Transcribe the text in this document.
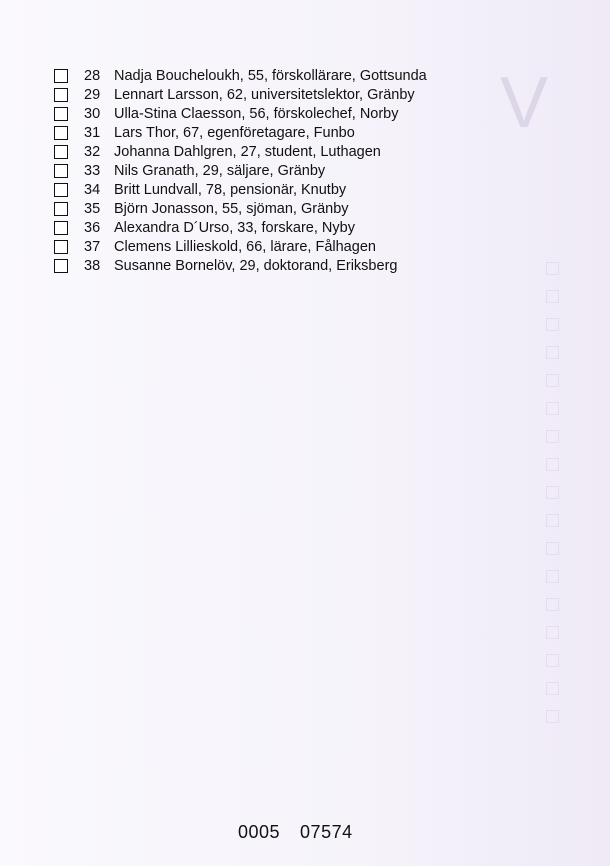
V
28 Nadja Boucheloukh, 55, förskollärare, Gottsunda
29 Lennart Larsson, 62, universitetslektor, Gränby
30 Ulla-Stina Claesson, 56, förskolechef, Norby
31 Lars Thor, 67, egenföretagare, Funbo
32 Johanna Dahlgren, 27, student, Luthagen
33 Nils Granath, 29, säljare, Gränby
34 Britt Lundvall, 78, pensionär, Knutby
35 Björn Jonasson, 55, sjöman, Gränby
36 Alexandra D´Urso, 33, forskare, Nyby
37 Clemens Lillieskold, 66, lärare, Fålhagen
38 Susanne Bornelöv, 29, doktorand, Eriksberg
0005 07574
